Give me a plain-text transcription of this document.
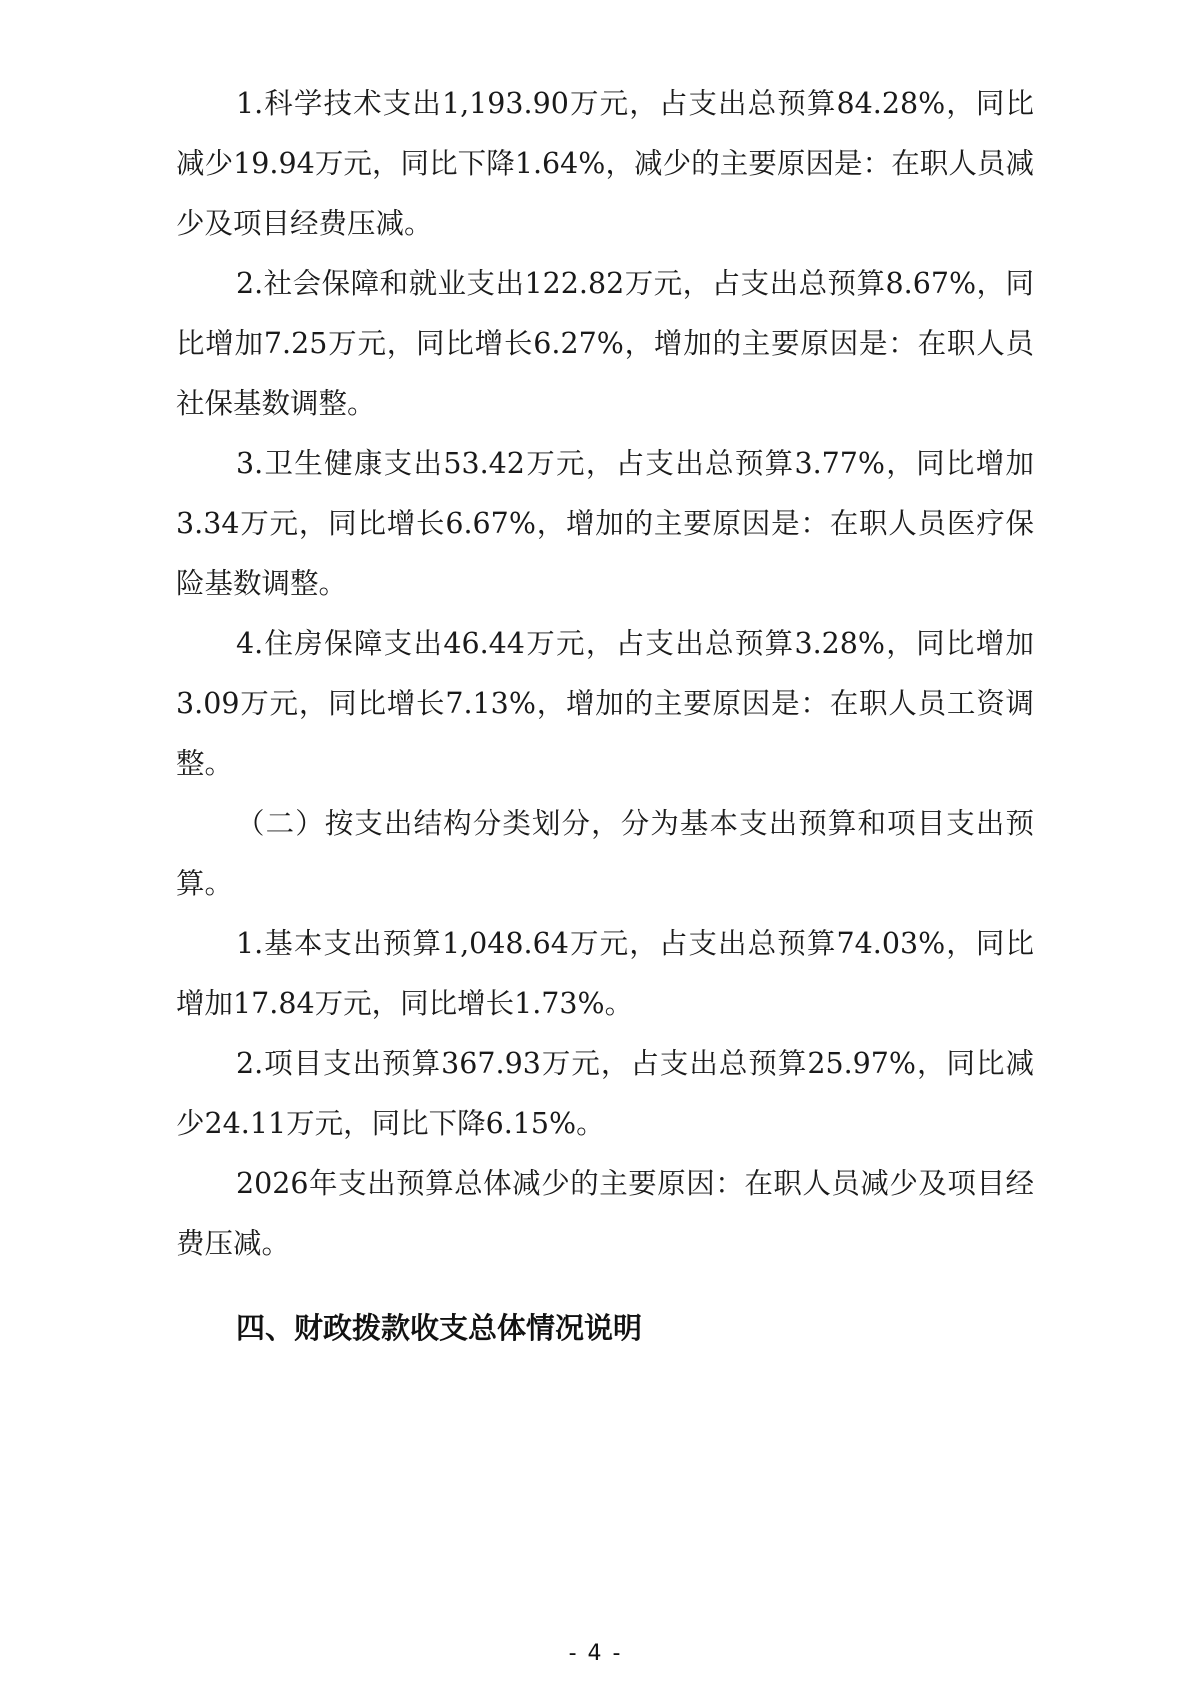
1.科学技术支出1,193.90万元，占支出总预算84.28%，同比减少19.94万元，同比下降1.64%，减少的主要原因是：在职人员减少及项目经费压减。

2.社会保障和就业支出122.82万元，占支出总预算8.67%，同比增加7.25万元，同比增长6.27%，增加的主要原因是：在职人员社保基数调整。

3.卫生健康支出53.42万元，占支出总预算3.77%，同比增加3.34万元，同比增长6.67%，增加的主要原因是：在职人员医疗保险基数调整。

4.住房保障支出46.44万元，占支出总预算3.28%，同比增加3.09万元，同比增长7.13%，增加的主要原因是：在职人员工资调整。

（二）按支出结构分类划分，分为基本支出预算和项目支出预算。

1.基本支出预算1,048.64万元，占支出总预算74.03%，同比增加17.84万元，同比增长1.73%。

2.项目支出预算367.93万元，占支出总预算25.97%，同比减少24.11万元，同比下降6.15%。

2026年支出预算总体减少的主要原因：在职人员减少及项目经费压减。

四、财政拨款收支总体情况说明

- 4 -
